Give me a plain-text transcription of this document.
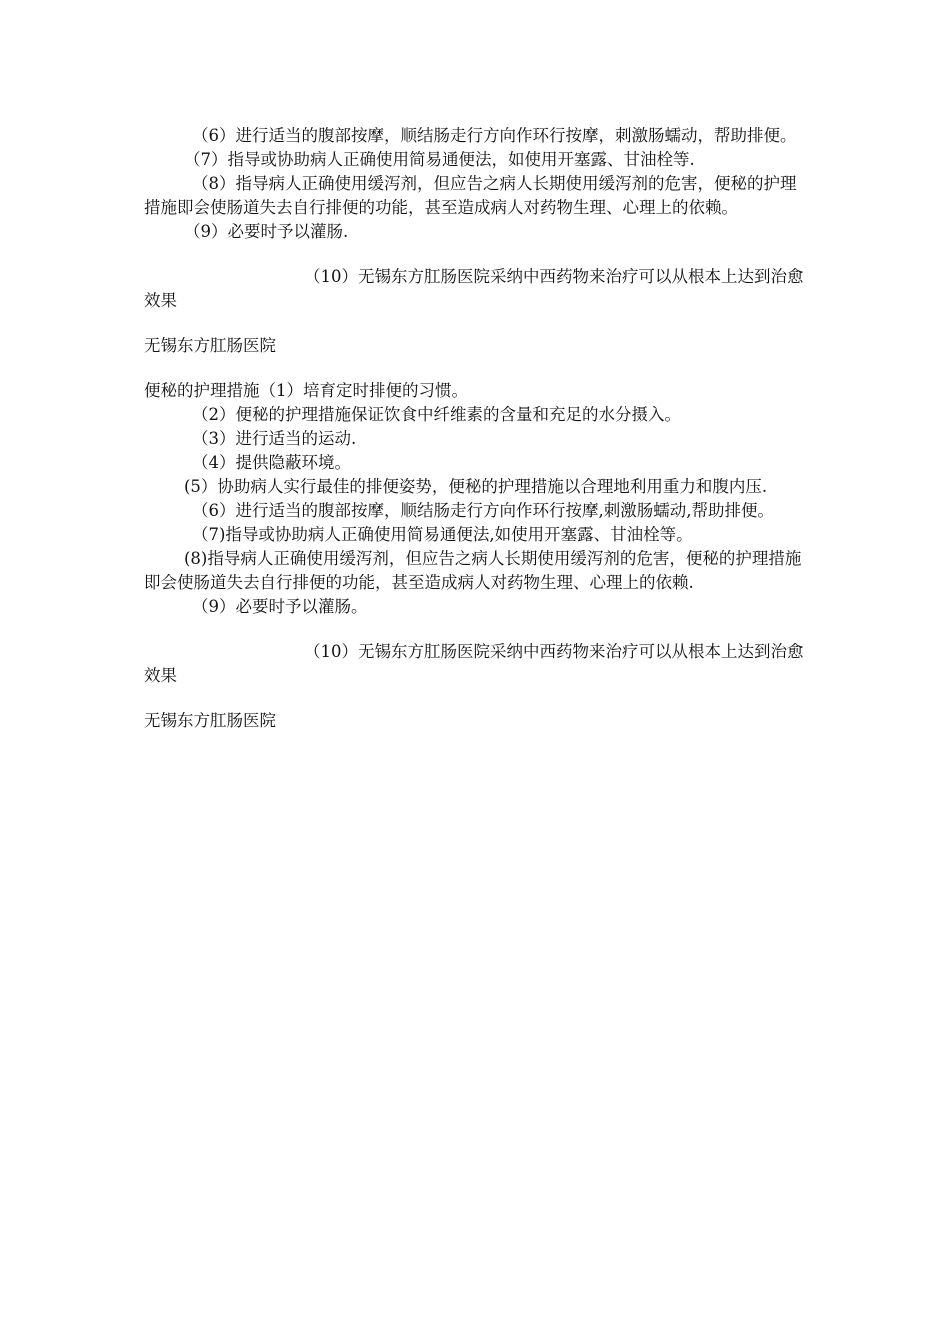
（6）进行适当的腹部按摩，顺结肠走行方向作环行按摩，刺激肠蠕动，帮助排便。

（7）指导或协助病人正确使用简易通便法，如使用开塞露、甘油栓等.

（8）指导病人正确使用缓泻剂，但应告之病人长期使用缓泻剂的危害，便秘的护理措施即会使肠道失去自行排便的功能，甚至造成病人对药物生理、心理上的依赖。

（9）必要时予以灌肠.

（10）无锡东方肛肠医院采纳中西药物来治疗可以从根本上达到治愈效果

无锡东方肛肠医院

便秘的护理措施（1）培育定时排便的习惯。

（2）便秘的护理措施保证饮食中纤维素的含量和充足的水分摄入。

（3）进行适当的运动.

（4）提供隐蔽环境。

(5）协助病人实行最佳的排便姿势，便秘的护理措施以合理地利用重力和腹内压.

（6）进行适当的腹部按摩，顺结肠走行方向作环行按摩,刺激肠蠕动,帮助排便。

（7)指导或协助病人正确使用简易通便法,如使用开塞露、甘油栓等。

(8)指导病人正确使用缓泻剂，但应告之病人长期使用缓泻剂的危害，便秘的护理措施即会使肠道失去自行排便的功能，甚至造成病人对药物生理、心理上的依赖.

（9）必要时予以灌肠。

（10）无锡东方肛肠医院采纳中西药物来治疗可以从根本上达到治愈效果

无锡东方肛肠医院
